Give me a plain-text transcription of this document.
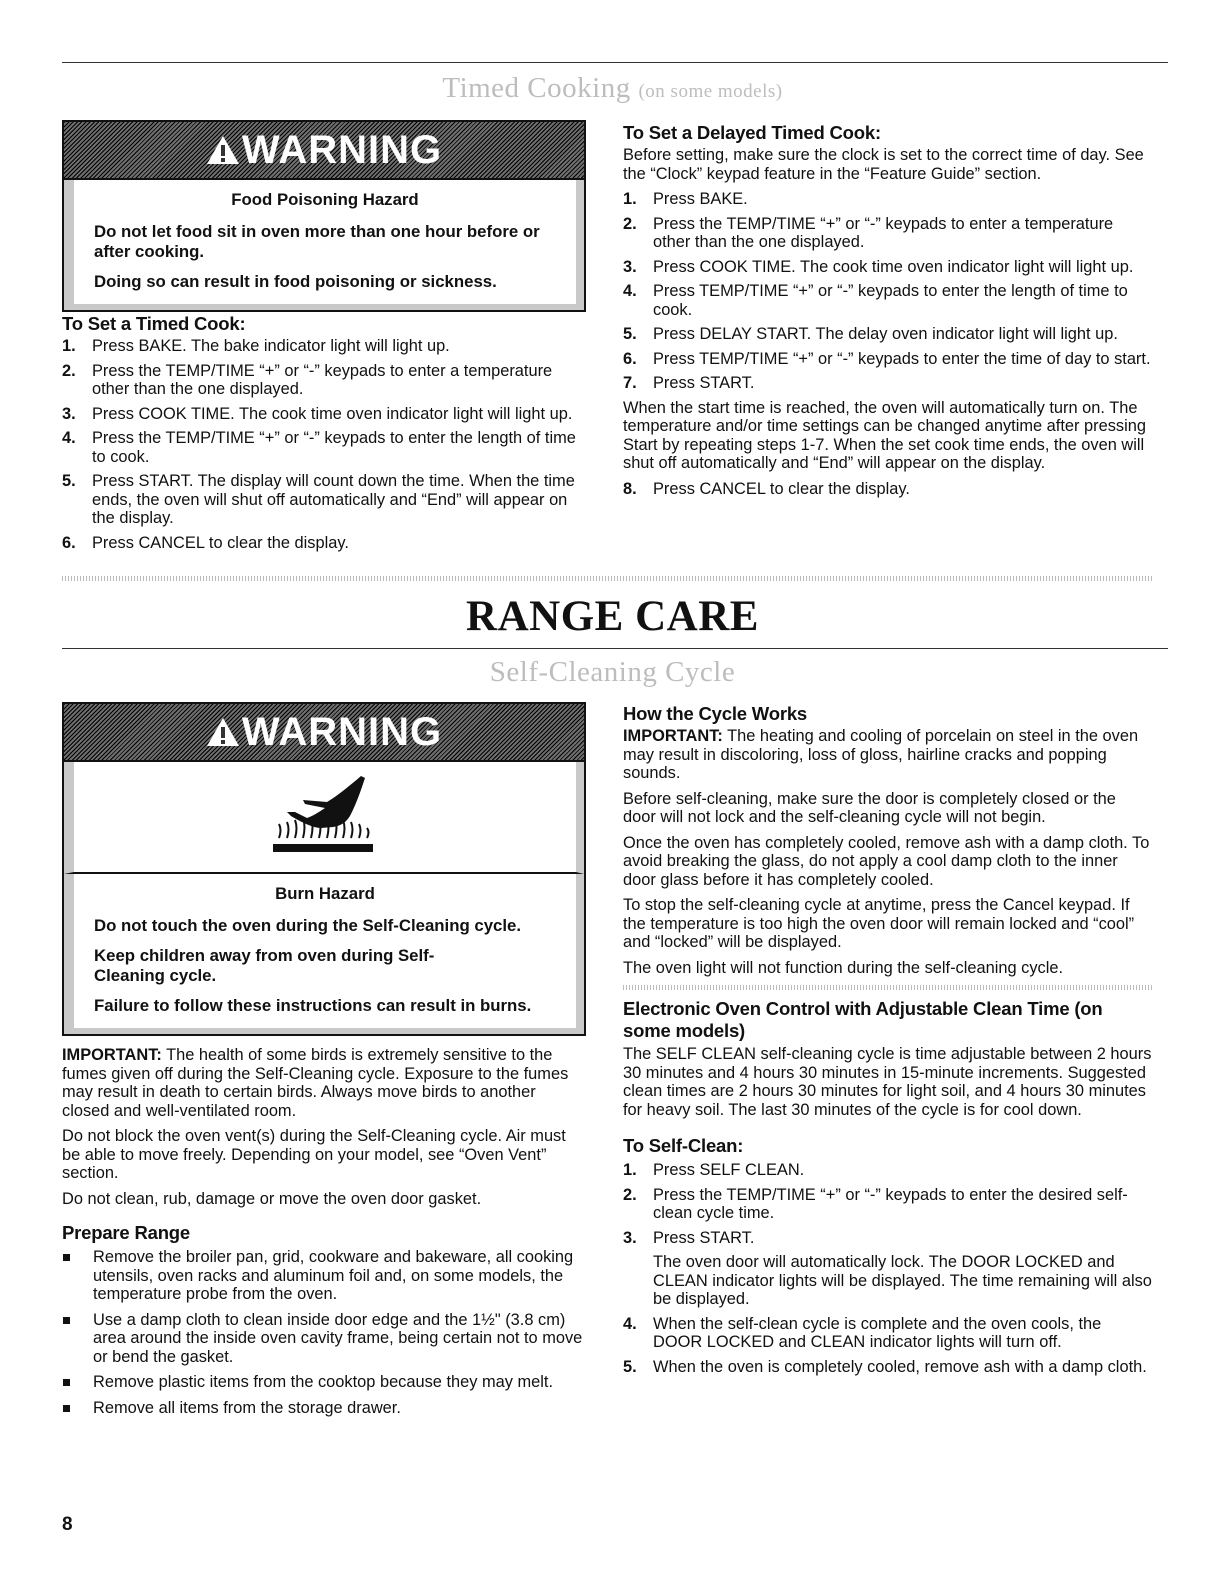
Timed Cooking (on some models)
WARNING
Food Poisoning Hazard

Do not let food sit in oven more than one hour before or after cooking.

Doing so can result in food poisoning or sickness.

To Set a Timed Cook:
1. Press BAKE. The bake indicator light will light up.
2. Press the TEMP/TIME “+” or “-” keypads to enter a temperature other than the one displayed.
3. Press COOK TIME. The cook time oven indicator light will light up.
4. Press the TEMP/TIME “+” or “-” keypads to enter the length of time to cook.
5. Press START. The display will count down the time. When the time ends, the oven will shut off automatically and “End” will appear on the display.
6. Press CANCEL to clear the display.
To Set a Delayed Timed Cook:

Before setting, make sure the clock is set to the correct time of day. See the “Clock” keypad feature in the “Feature Guide” section.

1. Press BAKE.
2. Press the TEMP/TIME “+” or “-” keypads to enter a temperature other than the one displayed.
3. Press COOK TIME. The cook time oven indicator light will light up.
4. Press TEMP/TIME “+” or “-” keypads to enter the length of time to cook.
5. Press DELAY START. The delay oven indicator light will light up.
6. Press TEMP/TIME “+” or “-” keypads to enter the time of day to start.
7. Press START.

When the start time is reached, the oven will automatically turn on. The temperature and/or time settings can be changed anytime after pressing Start by repeating steps 1-7. When the set cook time ends, the oven will shut off automatically and “End” will appear on the display.

8. Press CANCEL to clear the display.
RANGE CARE
Self-Cleaning Cycle
WARNING
Burn Hazard

Do not touch the oven during the Self-Cleaning cycle.

Keep children away from oven during Self-Cleaning cycle.

Failure to follow these instructions can result in burns.

IMPORTANT: The health of some birds is extremely sensitive to the fumes given off during the Self-Cleaning cycle. Exposure to the fumes may result in death to certain birds. Always move birds to another closed and well-ventilated room.

Do not block the oven vent(s) during the Self-Cleaning cycle. Air must be able to move freely. Depending on your model, see “Oven Vent” section.

Do not clean, rub, damage or move the oven door gasket.

Prepare Range
Remove the broiler pan, grid, cookware and bakeware, all cooking utensils, oven racks and aluminum foil and, on some models, the temperature probe from the oven.
Use a damp cloth to clean inside door edge and the 1½" (3.8 cm) area around the inside oven cavity frame, being certain not to move or bend the gasket.
Remove plastic items from the cooktop because they may melt.
Remove all items from the storage drawer.
How the Cycle Works

IMPORTANT: The heating and cooling of porcelain on steel in the oven may result in discoloring, loss of gloss, hairline cracks and popping sounds.

Before self-cleaning, make sure the door is completely closed or the door will not lock and the self-cleaning cycle will not begin.

Once the oven has completely cooled, remove ash with a damp cloth. To avoid breaking the glass, do not apply a cool damp cloth to the inner door glass before it has completely cooled.

To stop the self-cleaning cycle at anytime, press the Cancel keypad. If the temperature is too high the oven door will remain locked and “cool” and “locked” will be displayed.

The oven light will not function during the self-cleaning cycle.

Electronic Oven Control with Adjustable Clean Time (on some models)

The SELF CLEAN self-cleaning cycle is time adjustable between 2 hours 30 minutes and 4 hours 30 minutes in 15-minute increments. Suggested clean times are 2 hours 30 minutes for light soil, and 4 hours 30 minutes for heavy soil. The last 30 minutes of the cycle is for cool down.

To Self-Clean:
1. Press SELF CLEAN.
2. Press the TEMP/TIME “+” or “-” keypads to enter the desired self-clean cycle time.
3. Press START.
The oven door will automatically lock. The DOOR LOCKED and CLEAN indicator lights will be displayed. The time remaining will also be displayed.
4. When the self-clean cycle is complete and the oven cools, the DOOR LOCKED and CLEAN indicator lights will turn off.
5. When the oven is completely cooled, remove ash with a damp cloth.
8
